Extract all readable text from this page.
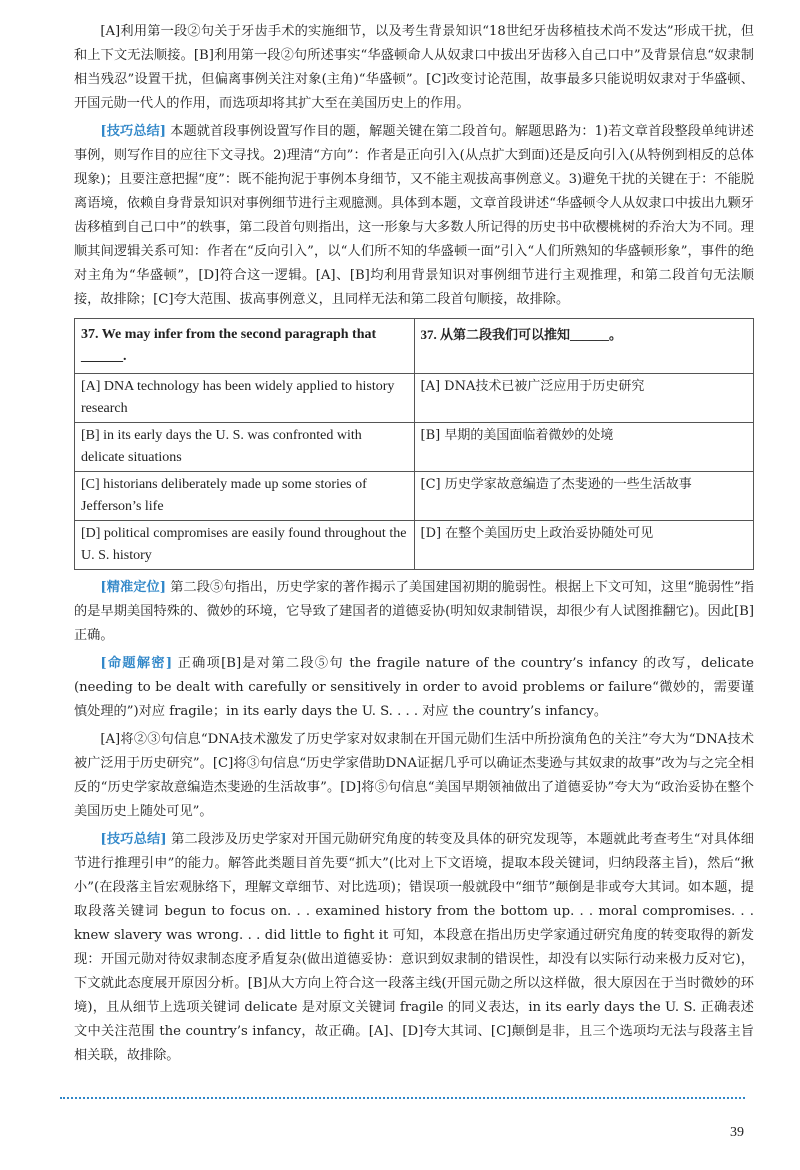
[A]利用第一段②句关于牙齿手术的实施细节，以及考生背景知识“18世纪牙齿移植技术尚不发达”形成干扰，但和上下文无法顺接。[B]利用第一段②句所述事实“华盛顿命人从奴隶口中拔出牙齿移入自己口中”及背景信息“奴隶制相当残忍”设置干扰，但偏离事例关注对象(主角)“华盛顿”。[C]改变讨论范围，故事最多只能说明奴隶对于华盛顿、开国元勋一代人的作用，而选项却将其扩大至在美国历史上的作用。

[技巧总结] 本题就首段事例设置写作目的题，解题关键在第二段首句。解题思路为：1)若文章首段整段单纯讲述事例，则写作目的应往下文寻找。2)理清“方向”：作者是正向引入(从点扩大到面)还是反向引入(从特例到相反的总体现象)；且要注意把握“度”：既不能拘泥于事例本身细节，又不能主观拔高事例意义。3)避免干扰的关键在于：不能脱离语境，依赖自身背景知识对事例细节进行主观臆测。具体到本题，文章首段讲述“华盛顿令人从奴隶口中拔出九颗牙齿移植到自己口中”的轶事，第二段首句则指出，这一形象与大多数人所记得的历史书中砍樱桃树的乔治大为不同。理顺其间逻辑关系可知：作者在“反向引入”，以“人们所不知的华盛顿一面”引入“人们所熟知的华盛顿形象”，事件的绝对主角为“华盛顿”，[D]符合这一逻辑。[A]、[B]均利用背景知识对事例细节进行主观推理，和第二段首句无法顺接，故排除；[C]夸大范围、拔高事例意义，且同样无法和第二段首句顺接，故排除。

37. We may infer from the second paragraph that ______.	37. 从第二段我们可以推知______。
[A] DNA technology has been widely applied to history research	[A] DNA技术已被广泛应用于历史研究
[B] in its early days the U. S. was confronted with delicate situations	[B] 早期的美国面临着微妙的处境
[C] historians deliberately made up some stories of Jefferson’s life	[C] 历史学家故意编造了杰斐逊的一些生活故事
[D] political compromises are easily found throughout the U. S. history	[D] 在整个美国历史上政治妥协随处可见

[精准定位] 第二段⑤句指出，历史学家的著作揭示了美国建国初期的脆弱性。根据上下文可知，这里“脆弱性”指的是早期美国特殊的、微妙的环境，它导致了建国者的道德妥协(明知奴隶制错误，却很少有人试图推翻它)。因此[B]正确。

[命题解密] 正确项[B]是对第二段⑤句 the fragile nature of the country’s infancy 的改写，delicate (needing to be dealt with carefully or sensitively in order to avoid problems or failure“微妙的，需要谨慎处理的”)对应 fragile；in its early days the U. S. . . . 对应 the country’s infancy。

[A]将②③句信息“DNA技术激发了历史学家对奴隶制在开国元勋们生活中所扮演角色的关注”夸大为“DNA技术被广泛用于历史研究”。[C]将③句信息“历史学家借助DNA证据几乎可以确证杰斐逊与其奴隶的故事”改为与之完全相反的“历史学家故意编造杰斐逊的生活故事”。[D]将⑤句信息“美国早期领袖做出了道德妥协”夸大为“政治妥协在整个美国历史上随处可见”。

[技巧总结] 第二段涉及历史学家对开国元勋研究角度的转变及具体的研究发现等，本题就此考查考生“对具体细节进行推理引申”的能力。解答此类题目首先要“抓大”(比对上下文语境，提取本段关键词，归纳段落主旨)，然后“揪小”(在段落主旨宏观脉络下，理解文章细节、对比选项)；错误项一般就段中“细节”颠倒是非或夸大其词。如本题，提取段落关键词 begun to focus on. . . examined history from the bottom up. . . moral compromises. . . knew slavery was wrong. . . did little to fight it 可知，本段意在指出历史学家通过研究角度的转变取得的新发现：开国元勋对待奴隶制态度矛盾复杂(做出道德妥协：意识到奴隶制的错误性，却没有以实际行动来极力反对它)，下文就此态度展开原因分析。[B]从大方向上符合这一段落主线(开国元勋之所以这样做，很大原因在于当时微妙的环境)，且从细节上选项关键词 delicate 是对原文关键词 fragile 的同义表达，in its early days the U. S. 正确表述文中关注范围 the country’s infancy，故正确。[A]、[D]夸大其词、[C]颠倒是非，且三个选项均无法与段落主旨相关联，故排除。

39
